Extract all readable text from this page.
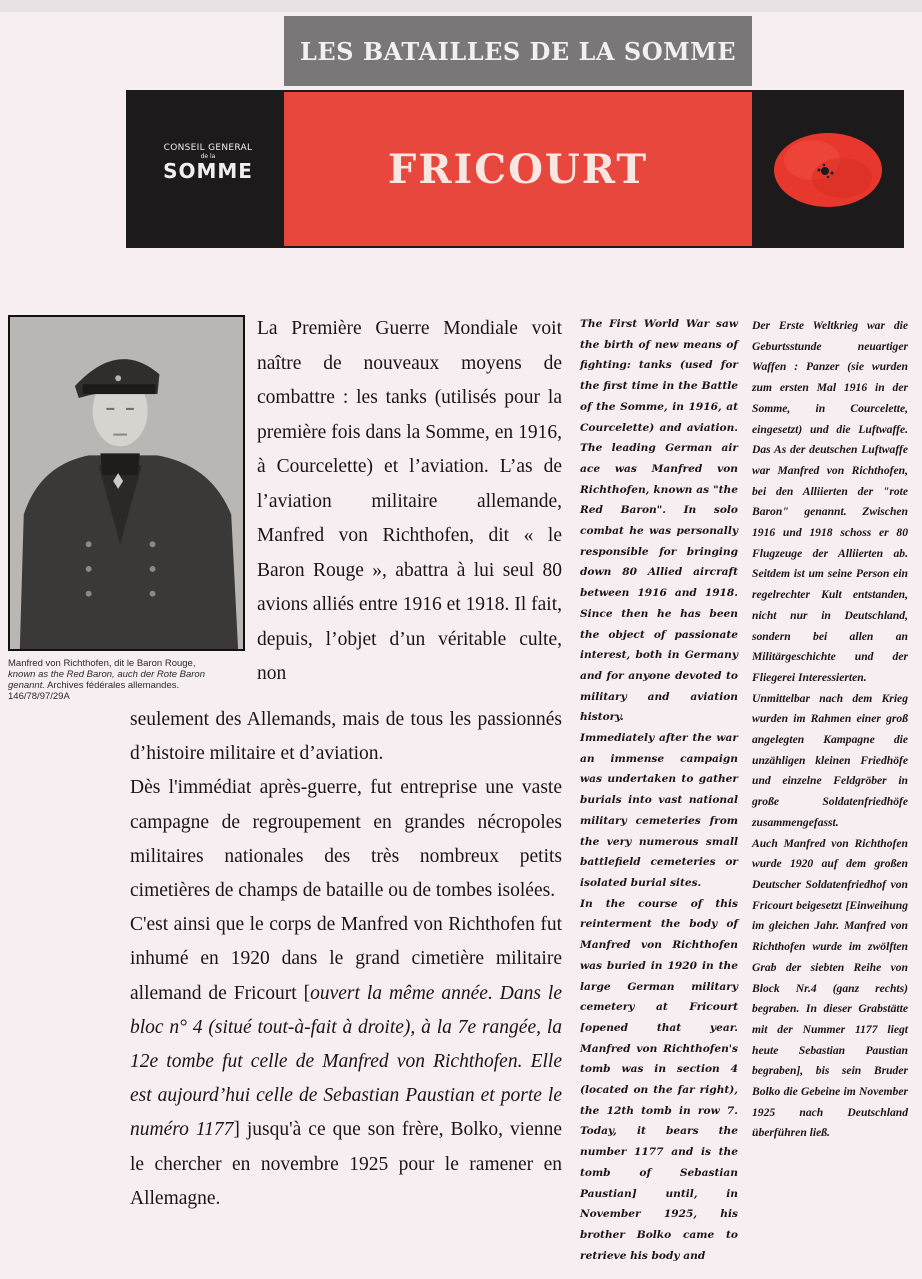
LES BATAILLES DE LA SOMME
CONSEIL GENERAL
de la
SOMME	FRICOURT
Manfred von Richthofen, dit le Baron Rouge,
known as the Red Baron, auch der Rote Baron
genannt. Archives fédérales allemandes.
146/78/97/29A
La Première Guerre Mondiale voit naître de nouveaux moyens de combattre : les tanks (utilisés pour la première fois dans la Somme, en 1916, à Courcelette) et l’aviation. L’as de l’aviation militaire allemande, Manfred von Richthofen, dit « le Baron Rouge », abattra à lui seul 80 avions alliés entre 1916 et 1918. Il fait, depuis, l’objet d’un véritable culte, non
seulement des Allemands, mais de tous les passionnés d’histoire militaire et d’aviation.
Dès l'immédiat après-guerre, fut entreprise une vaste campagne de regroupement en grandes nécropoles militaires nationales des très nombreux petits cimetières de champs de bataille ou de tombes isolées.
C'est ainsi que le corps de Manfred von Richthofen fut inhumé en 1920 dans le grand cimetière militaire allemand de Fricourt [ouvert la même année. Dans le bloc n° 4 (situé tout-à-fait à droite), à la 7e rangée, la 12e tombe fut celle de Manfred von Richthofen. Elle est aujourd’hui celle de Sebastian Paustian et porte le numéro 1177] jusqu'à ce que son frère, Bolko, vienne le chercher en novembre 1925 pour le ramener en Allemagne.
The First World War saw the birth of new means of fighting: tanks (used for the first time in the Battle of the Somme, in 1916, at Courcelette) and aviation. The leading German air ace was Manfred von Richthofen, known as "the Red Baron". In solo combat he was personally responsible for bringing down 80 Allied aircraft between 1916 and 1918. Since then he has been the object of passionate interest, both in Germany and for anyone devoted to military and aviation history.
Immediately after the war an immense campaign was undertaken to gather burials into vast national military cemeteries from the very numerous small battlefield cemeteries or isolated burial sites.
In the course of this reinterment the body of Manfred von Richthofen was buried in 1920 in the large German military cemetery at Fricourt [opened that year. Manfred von Richthofen's tomb was in section 4 (located on the far right), the 12th tomb in row 7. Today, it bears the number 1177 and is the tomb of Sebastian Paustian] until, in November 1925, his brother Bolko came to retrieve his body and
Der Erste Weltkrieg war die Geburtsstunde neuartiger Waffen : Panzer (sie wurden zum ersten Mal 1916 in der Somme, in Courcelette, eingesetzt) und die Luftwaffe. Das As der deutschen Luftwaffe war Manfred von Richthofen, bei den Alliierten der "rote Baron" genannt. Zwischen 1916 und 1918 schoss er 80 Flugzeuge der Alliierten ab. Seitdem ist um seine Person ein regelrechter Kult entstanden, nicht nur in Deutschland, sondern bei allen an Militärgeschichte und der Fliegerei Interessierten.
Unmittelbar nach dem Krieg wurden im Rahmen einer groß angelegten Kampagne die unzähligen kleinen Friedhöfe und einzelne Feldgröber in große Soldatenfriedhöfe zusammengefasst.
Auch Manfred von Richthofen wurde 1920 auf dem großen Deutscher Soldatenfriedhof von Fricourt beigesetzt [Einweihung im gleichen Jahr. Manfred von Richthofen wurde im zwölften Grab der siebten Reihe von Block Nr.4 (ganz rechts) begraben. In dieser Grabstätte mit der Nummer 1177 liegt heute Sebastian Paustian begraben], bis sein Bruder Bolko die Gebeine im November 1925 nach Deutschland überführen ließ.
